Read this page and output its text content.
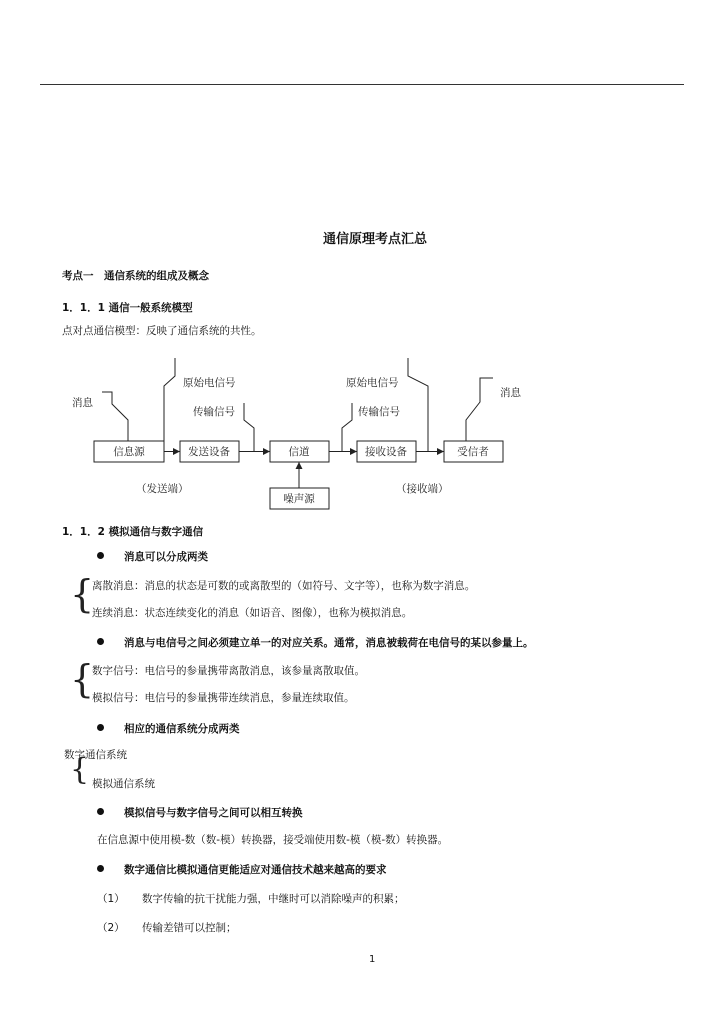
通信原理考点汇总
考点一　通信系统的组成及概念
1．1．1 通信一般系统模型
点对点通信模型：反映了通信系统的共性。
信息源	发送设备	信道	接收设备	受信者
噪声源
消息
原始电信号
传输信号	传输信号
原始电信号
消息
（发送端）	（接收端）
1．1．2 模拟通信与数字通信
消息可以分成两类
{
离散消息：消息的状态是可数的或离散型的（如符号、文字等），也称为数字消息。
连续消息：状态连续变化的消息（如语音、图像），也称为模拟消息。
消息与电信号之间必须建立单一的对应关系。通常，消息被载荷在电信号的某以参量上。
{
数字信号：电信号的参量携带离散消息，该参量离散取值。
模拟信号：电信号的参量携带连续消息，参量连续取值。
相应的通信系统分成两类
数字通信系统
{ 模拟通信系统
模拟信号与数字信号之间可以相互转换
在信息源中使用模-数（数-模）转换器，接受端使用数-模（模-数）转换器。
数字通信比模拟通信更能适应对通信技术越来越高的要求
（1） 数字传输的抗干扰能力强，中继时可以消除噪声的积累；
（2） 传输差错可以控制；
1
